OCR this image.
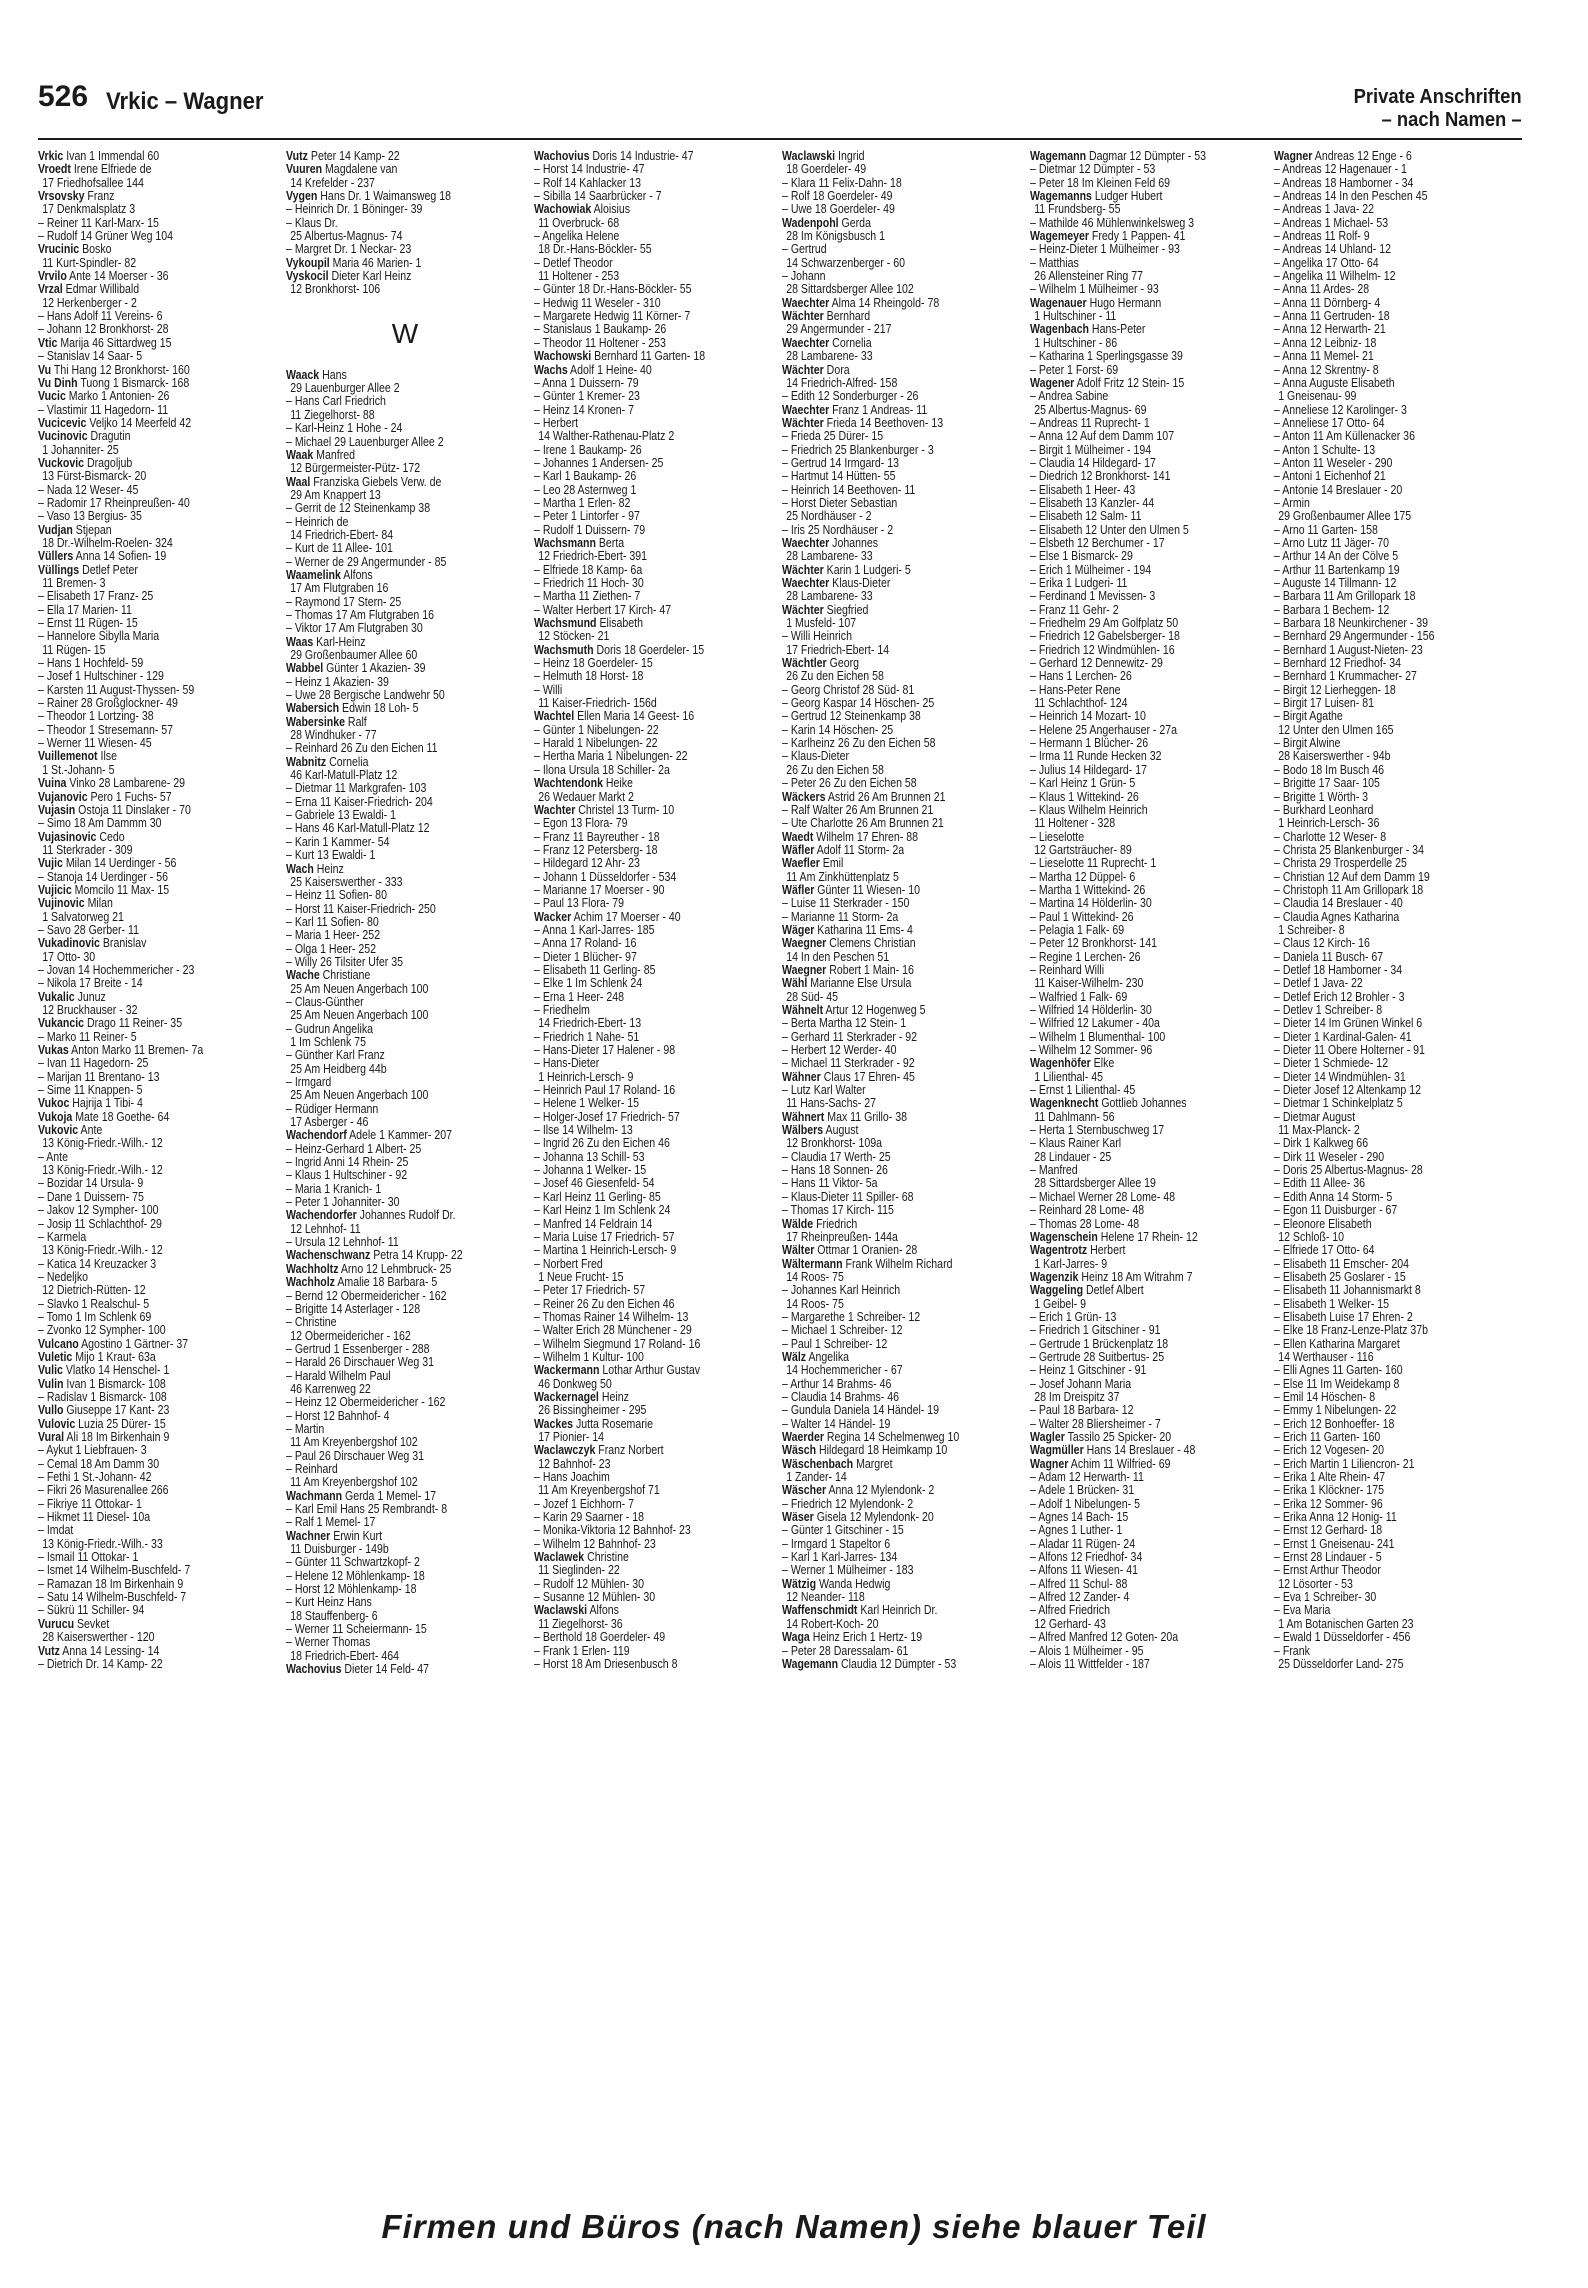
526 Vrkic – Wagner	Private Anschriften
– nach Namen –
Vrkic Ivan 1 Immendal 60
Vroedt Irene Elfriede de
17 Friedhofsallee 144
Vrsovsky Franz
17 Denkmalsplatz 3
– Reiner 11 Karl-Marx- 15
– Rudolf 14 Grüner Weg 104
Vrucinic Bosko
11 Kurt-Spindler- 82
Vrvilo Ante 14 Moerser - 36
Vrzal Edmar Willibald
12 Herkenberger - 2
– Hans Adolf 11 Vereins- 6
– Johann 12 Bronkhorst- 28
Vtic Marija 46 Sittardweg 15
– Stanislav 14 Saar- 5
Vu Thi Hang 12 Bronkhorst- 160
Vu Dinh Tuong 1 Bismarck- 168
Vucic Marko 1 Antonien- 26
– Vlastimir 11 Hagedorn- 11
Vucicevic Veljko 14 Meerfeld 42
Vucinovic Dragutin
1 Johanniter- 25
Vuckovic Dragoljub
13 Fürst-Bismarck- 20
– Nada 12 Weser- 45
– Radomir 17 Rheinpreußen- 40
– Vaso 13 Bergius- 35
Vudjan Stjepan
18 Dr.-Wilhelm-Roelen- 324
Vüllers Anna 14 Sofien- 19
Vüllings Detlef Peter
11 Bremen- 3
– Elisabeth 17 Franz- 25
– Ella 17 Marien- 11
– Ernst 11 Rügen- 15
– Hannelore Sibylla Maria
11 Rügen- 15
– Hans 1 Hochfeld- 59
– Josef 1 Hultschiner - 129
– Karsten 11 August-Thyssen- 59
– Rainer 28 Großglockner- 49
– Theodor 1 Lortzing- 38
– Theodor 1 Stresemann- 57
– Werner 11 Wiesen- 45
Vuillemenot Ilse
1 St.-Johann- 5
Vuina Vinko 28 Lambarene- 29
Vujanovic Pero 1 Fuchs- 57
Vujasin Ostoja 11 Dinslaker - 70
– Simo 18 Am Dammm 30
Vujasinovic Cedo
11 Sterkrader - 309
Vujic Milan 14 Uerdinger - 56
– Stanoja 14 Uerdinger - 56
Vujicic Momcilo 11 Max- 15
Vujinovic Milan
1 Salvatorweg 21
– Savo 28 Gerber- 11
Vukadinovic Branislav
17 Otto- 30
– Jovan 14 Hochemmericher - 23
– Nikola 17 Breite - 14
Vukalic Junuz
12 Bruckhauser - 32
Vukancic Drago 11 Reiner- 35
– Marko 11 Reiner- 5
Vukas Anton Marko 11 Bremen- 7a
– Ivan 11 Hagedorn- 25
– Marijan 11 Brentano- 13
– Sime 11 Knappen- 5
Vukoc Hajrija 1 Tibi- 4
Vukoja Mate 18 Goethe- 64
Vukovic Ante
13 König-Friedr.-Wilh.- 12
– Ante
13 König-Friedr.-Wilh.- 12
– Bozidar 14 Ursula- 9
– Dane 1 Duissern- 75
– Jakov 12 Sympher- 100
– Josip 11 Schlachthof- 29
– Karmela
13 König-Friedr.-Wilh.- 12
– Katica 14 Kreuzacker 3
– Nedeljko
12 Dietrich-Rütten- 12
– Slavko 1 Realschul- 5
– Tomo 1 Im Schlenk 69
– Zvonko 12 Sympher- 100
Vulcano Agostino 1 Gärtner- 37
Vuletic Mijo 1 Kraut- 63a
Vulic Vlatko 14 Henschel- 1
Vulin Ivan 1 Bismarck- 108
– Radislav 1 Bismarck- 108
Vullo Giuseppe 17 Kant- 23
Vulovic Luzia 25 Dürer- 15
Vural Ali 18 Im Birkenhain 9
– Aykut 1 Liebfrauen- 3
– Cemal 18 Am Damm 30
– Fethi 1 St.-Johann- 42
– Fikri 26 Masurenallee 266
– Fikriye 11 Ottokar- 1
– Hikmet 11 Diesel- 10a
– Imdat
13 König-Friedr.-Wilh.- 33
– Ismail 11 Ottokar- 1
– Ismet 14 Wilhelm-Buschfeld- 7
– Ramazan 18 Im Birkenhain 9
– Satu 14 Wilhelm-Buschfeld- 7
– Sükrü 11 Schiller- 94
Vurucu Sevket
28 Kaiserswerther - 120
Vutz Anna 14 Lessing- 14
– Dietrich Dr. 14 Kamp- 22
Vutz Peter 14 Kamp- 22
Vuuren Magdalene van
14 Krefelder - 237
Vygen Hans Dr. 1 Waimansweg 18
– Heinrich Dr. 1 Böninger- 39
– Klaus Dr.
25 Albertus-Magnus- 74
– Margret Dr. 1 Neckar- 23
Vykoupil Maria 46 Marien- 1
Vyskocil Dieter Karl Heinz
12 Bronkhorst- 106
W
Waack Hans
29 Lauenburger Allee 2
– Hans Carl Friedrich
11 Ziegelhorst- 88
– Karl-Heinz 1 Hohe - 24
– Michael 29 Lauenburger Allee 2
Waak Manfred
12 Bürgermeister-Pütz- 172
Waal Franziska Giebels Verw. de
29 Am Knappert 13
– Gerrit de 12 Steinenkamp 38
– Heinrich de
14 Friedrich-Ebert- 84
– Kurt de 11 Allee- 101
– Werner de 29 Angermunder - 85
Waamelink Alfons
17 Am Flutgraben 16
– Raymond 17 Stern- 25
– Thomas 17 Am Flutgraben 16
– Viktor 17 Am Flutgraben 30
Waas Karl-Heinz
29 Großenbaumer Allee 60
Wabbel Günter 1 Akazien- 39
– Heinz 1 Akazien- 39
– Uwe 28 Bergische Landwehr 50
Wabersich Edwin 18 Loh- 5
Wabersinke Ralf
28 Windhuker - 77
– Reinhard 26 Zu den Eichen 11
Wabnitz Cornelia
46 Karl-Matull-Platz 12
– Dietmar 11 Markgrafen- 103
– Erna 11 Kaiser-Friedrich- 204
– Gabriele 13 Ewaldi- 1
– Hans 46 Karl-Matull-Platz 12
– Karin 1 Kammer- 54
– Kurt 13 Ewaldi- 1
Wach Heinz
25 Kaiserswerther - 333
– Heinz 11 Sofien- 80
– Horst 11 Kaiser-Friedrich- 250
– Karl 11 Sofien- 80
– Maria 1 Heer- 252
– Olga 1 Heer- 252
– Willy 26 Tilsiter Ufer 35
Wache Christiane
25 Am Neuen Angerbach 100
– Claus-Günther
25 Am Neuen Angerbach 100
– Gudrun Angelika
1 Im Schlenk 75
– Günther Karl Franz
25 Am Heidberg 44b
– Irmgard
25 Am Neuen Angerbach 100
– Rüdiger Hermann
17 Asberger - 46
Wachendorf Adele 1 Kammer- 207
– Heinz-Gerhard 1 Albert- 25
– Ingrid Anni 14 Rhein- 25
– Klaus 1 Hultschiner - 92
– Maria 1 Kranich- 1
– Peter 1 Johanniter- 30
Wachendorfer Johannes Rudolf Dr.
12 Lehnhof- 11
– Ursula 12 Lehnhof- 11
Wachenschwanz Petra 14 Krupp- 22
Wachholtz Arno 12 Lehmbruck- 25
Wachholz Amalie 18 Barbara- 5
– Bernd 12 Obermeidericher - 162
– Brigitte 14 Asterlager - 128
– Christine
12 Obermeidericher - 162
– Gertrud 1 Essenberger - 288
– Harald 26 Dirschauer Weg 31
– Harald Wilhelm Paul
46 Karrenweg 22
– Heinz 12 Obermeidericher - 162
– Horst 12 Bahnhof- 4
– Martin
11 Am Kreyenbergshof 102
– Paul 26 Dirschauer Weg 31
– Reinhard
11 Am Kreyenbergshof 102
Wachmann Gerda 1 Memel- 17
– Karl Emil Hans 25 Rembrandt- 8
– Ralf 1 Memel- 17
Wachner Erwin Kurt
11 Duisburger - 149b
– Günter 11 Schwartzkopf- 2
– Helene 12 Möhlenkamp- 18
– Horst 12 Möhlenkamp- 18
– Kurt Heinz Hans
18 Stauffenberg- 6
– Werner 11 Scheiermann- 15
– Werner Thomas
18 Friedrich-Ebert- 464
Wachovius Dieter 14 Feld- 47
Wachovius Doris 14 Industrie- 47
– Horst 14 Industrie- 47
– Rolf 14 Kahlacker 13
– Sibilla 14 Saarbrücker - 7
Wachowiak Aloisius
11 Overbruck- 68
– Angelika Helene
18 Dr.-Hans-Böckler- 55
– Detlef Theodor
11 Holtener - 253
– Günter 18 Dr.-Hans-Böckler- 55
– Hedwig 11 Weseler - 310
– Margarete Hedwig 11 Körner- 7
– Stanislaus 1 Baukamp- 26
– Theodor 11 Holtener - 253
Wachowski Bernhard 11 Garten- 18
Wachs Adolf 1 Heine- 40
– Anna 1 Duissern- 79
– Günter 1 Kremer- 23
– Heinz 14 Kronen- 7
– Herbert
14 Walther-Rathenau-Platz 2
– Irene 1 Baukamp- 26
– Johannes 1 Andersen- 25
– Karl 1 Baukamp- 26
– Leo 28 Asternweg 1
– Martha 1 Erlen- 82
– Peter 1 Lintorfer - 97
– Rudolf 1 Duissern- 79
Wachsmann Berta
12 Friedrich-Ebert- 391
– Elfriede 18 Kamp- 6a
– Friedrich 11 Hoch- 30
– Martha 11 Ziethen- 7
– Walter Herbert 17 Kirch- 47
Wachsmund Elisabeth
12 Stöcken- 21
Wachsmuth Doris 18 Goerdeler- 15
– Heinz 18 Goerdeler- 15
– Helmuth 18 Horst- 18
– Willi
11 Kaiser-Friedrich- 156d
Wachtel Ellen Maria 14 Geest- 16
– Günter 1 Nibelungen- 22
– Harald 1 Nibelungen- 22
– Hertha Maria 1 Nibelungen- 22
– Ilona Ursula 18 Schiller- 2a
Wachtendonk Heike
26 Wedauer Markt 2
Wachter Christel 13 Turm- 10
– Egon 13 Flora- 79
– Franz 11 Bayreuther - 18
– Franz 12 Petersberg- 18
– Hildegard 12 Ahr- 23
– Johann 1 Düsseldorfer - 534
– Marianne 17 Moerser - 90
– Paul 13 Flora- 79
Wacker Achim 17 Moerser - 40
– Anna 1 Karl-Jarres- 185
– Anna 17 Roland- 16
– Dieter 1 Blücher- 97
– Elisabeth 11 Gerling- 85
– Elke 1 Im Schlenk 24
– Erna 1 Heer- 248
– Friedhelm
14 Friedrich-Ebert- 13
– Friedrich 1 Nahe- 51
– Hans-Dieter 17 Halener - 98
– Hans-Dieter
1 Heinrich-Lersch- 9
– Heinrich Paul 17 Roland- 16
– Helene 1 Welker- 15
– Holger-Josef 17 Friedrich- 57
– Ilse 14 Wilhelm- 13
– Ingrid 26 Zu den Eichen 46
– Johanna 13 Schill- 53
– Johanna 1 Welker- 15
– Josef 46 Giesenfeld- 54
– Karl Heinz 11 Gerling- 85
– Karl Heinz 1 Im Schlenk 24
– Manfred 14 Feldrain 14
– Maria Luise 17 Friedrich- 57
– Martina 1 Heinrich-Lersch- 9
– Norbert Fred
1 Neue Frucht- 15
– Peter 17 Friedrich- 57
– Reiner 26 Zu den Eichen 46
– Thomas Rainer 14 Wilhelm- 13
– Walter Erich 28 Münchener - 29
– Wilhelm Siegmund 17 Roland- 16
– Wilhelm 1 Kultur- 100
Wackermann Lothar Arthur Gustav
46 Donkweg 50
Wackernagel Heinz
26 Bissingheimer - 295
Wackes Jutta Rosemarie
17 Pionier- 14
Waclawczyk Franz Norbert
12 Bahnhof- 23
– Hans Joachim
11 Am Kreyenbergshof 71
– Jozef 1 Eichhorn- 7
– Karin 29 Saarner - 18
– Monika-Viktoria 12 Bahnhof- 23
– Wilhelm 12 Bahnhof- 23
Waclawek Christine
11 Sieglinden- 22
– Rudolf 12 Mühlen- 30
– Susanne 12 Mühlen- 30
Waclawski Alfons
11 Ziegelhorst- 36
– Berthold 18 Goerdeler- 49
– Frank 1 Erlen- 119
– Horst 18 Am Driesenbusch 8
Waclawski Ingrid
18 Goerdeler- 49
– Klara 11 Felix-Dahn- 18
– Rolf 18 Goerdeler- 49
– Uwe 18 Goerdeler- 49
Wadenpohl Gerda
28 Im Königsbusch 1
– Gertrud
14 Schwarzenberger - 60
– Johann
28 Sittardsberger Allee 102
Waechter Alma 14 Rheingold- 78
Wächter Bernhard
29 Angermunder - 217
Waechter Cornelia
28 Lambarene- 33
Wächter Dora
14 Friedrich-Alfred- 158
– Edith 12 Sonderburger - 26
Waechter Franz 1 Andreas- 11
Wächter Frieda 14 Beethoven- 13
– Frieda 25 Dürer- 15
– Friedrich 25 Blankenburger - 3
– Gertrud 14 Irmgard- 13
– Hartmut 14 Hütten- 55
– Heinrich 14 Beethoven- 11
– Horst Dieter Sebastian
25 Nordhäuser - 2
– Iris 25 Nordhäuser - 2
Waechter Johannes
28 Lambarene- 33
Wächter Karin 1 Ludgeri- 5
Waechter Klaus-Dieter
28 Lambarene- 33
Wächter Siegfried
1 Musfeld- 107
– Willi Heinrich
17 Friedrich-Ebert- 14
Wächtler Georg
26 Zu den Eichen 58
– Georg Christof 28 Süd- 81
– Georg Kaspar 14 Höschen- 25
– Gertrud 12 Steinenkamp 38
– Karin 14 Höschen- 25
– Karlheinz 26 Zu den Eichen 58
– Klaus-Dieter
26 Zu den Eichen 58
– Peter 26 Zu den Eichen 58
Wäckers Astrid 26 Am Brunnen 21
– Ralf Walter 26 Am Brunnen 21
– Ute Charlotte 26 Am Brunnen 21
Waedt Wilhelm 17 Ehren- 88
Wäfler Adolf 11 Storm- 2a
Waefler Emil
11 Am Zinkhüttenplatz 5
Wäfler Günter 11 Wiesen- 10
– Luise 11 Sterkrader - 150
– Marianne 11 Storm- 2a
Wäger Katharina 11 Ems- 4
Waegner Clemens Christian
14 In den Peschen 51
Waegner Robert 1 Main- 16
Wähl Marianne Else Ursula
28 Süd- 45
Wähnelt Artur 12 Hogenweg 5
– Berta Martha 12 Stein- 1
– Gerhard 11 Sterkrader - 92
– Herbert 12 Werder- 40
– Michael 11 Sterkrader - 92
Wähner Claus 17 Ehren- 45
– Lutz Karl Walter
11 Hans-Sachs- 27
Wähnert Max 11 Grillo- 38
Wälbers August
12 Bronkhorst- 109a
– Claudia 17 Werth- 25
– Hans 18 Sonnen- 26
– Hans 11 Viktor- 5a
– Klaus-Dieter 11 Spiller- 68
– Thomas 17 Kirch- 115
Wälde Friedrich
17 Rheinpreußen- 144a
Wälter Ottmar 1 Oranien- 28
Wältermann Frank Wilhelm Richard
14 Roos- 75
– Johannes Karl Heinrich
14 Roos- 75
– Margarethe 1 Schreiber- 12
– Michael 1 Schreiber- 12
– Paul 1 Schreiber- 12
Wälz Angelika
14 Hochemmericher - 67
– Arthur 14 Brahms- 46
– Claudia 14 Brahms- 46
– Gundula Daniela 14 Händel- 19
– Walter 14 Händel- 19
Waerder Regina 14 Schelmenweg 10
Wäsch Hildegard 18 Heimkamp 10
Wäschenbach Margret
1 Zander- 14
Wäscher Anna 12 Mylendonk- 2
– Friedrich 12 Mylendonk- 2
Wäser Gisela 12 Mylendonk- 20
– Günter 1 Gitschiner - 15
– Irmgard 1 Stapeltor 6
– Karl 1 Karl-Jarres- 134
– Werner 1 Mülheimer - 183
Wätzig Wanda Hedwig
12 Neander- 118
Waffenschmidt Karl Heinrich Dr.
14 Robert-Koch- 20
Waga Heinz Erich 1 Hertz- 19
– Peter 28 Daressalam- 61
Wagemann Claudia 12 Dümpter - 53
Wagemann Dagmar 12 Dümpter - 53
– Dietmar 12 Dümpter - 53
– Peter 18 Im Kleinen Feld 69
Wagemanns Ludger Hubert
11 Frundsberg- 55
– Mathilde 46 Mühlenwinkelsweg 3
Wagemeyer Fredy 1 Pappen- 41
– Heinz-Dieter 1 Mülheimer - 93
– Matthias
26 Allensteiner Ring 77
– Wilhelm 1 Mülheimer - 93
Wagenauer Hugo Hermann
1 Hultschiner - 11
Wagenbach Hans-Peter
1 Hultschiner - 86
– Katharina 1 Sperlingsgasse 39
– Peter 1 Forst- 69
Wagener Adolf Fritz 12 Stein- 15
– Andrea Sabine
25 Albertus-Magnus- 69
– Andreas 11 Ruprecht- 1
– Anna 12 Auf dem Damm 107
– Birgit 1 Mülheimer - 194
– Claudia 14 Hildegard- 17
– Diedrich 12 Bronkhorst- 141
– Elisabeth 1 Heer- 43
– Elisabeth 13 Kanzler- 44
– Elisabeth 12 Salm- 11
– Elisabeth 12 Unter den Ulmen 5
– Elsbeth 12 Berchumer - 17
– Else 1 Bismarck- 29
– Erich 1 Mülheimer - 194
– Erika 1 Ludgeri- 11
– Ferdinand 1 Mevissen- 3
– Franz 11 Gehr- 2
– Friedhelm 29 Am Golfplatz 50
– Friedrich 12 Gabelsberger- 18
– Friedrich 12 Windmühlen- 16
– Gerhard 12 Dennewitz- 29
– Hans 1 Lerchen- 26
– Hans-Peter Rene
11 Schlachthof- 124
– Heinrich 14 Mozart- 10
– Helene 25 Angerhauser - 27a
– Hermann 1 Blücher- 26
– Irma 11 Runde Hecken 32
– Julius 14 Hildegard- 17
– Karl Heinz 1 Grün- 5
– Klaus 1 Wittekind- 26
– Klaus Wilhelm Heinrich
11 Holtener - 328
– Lieselotte
12 Gartsträucher- 89
– Lieselotte 11 Ruprecht- 1
– Martha 12 Düppel- 6
– Martha 1 Wittekind- 26
– Martina 14 Hölderlin- 30
– Paul 1 Wittekind- 26
– Pelagia 1 Falk- 69
– Peter 12 Bronkhorst- 141
– Regine 1 Lerchen- 26
– Reinhard Willi
11 Kaiser-Wilhelm- 230
– Walfried 1 Falk- 69
– Wilfried 14 Hölderlin- 30
– Wilfried 12 Lakumer - 40a
– Wilhelm 1 Blumenthal- 100
– Wilhelm 12 Sommer- 96
Wagenhöfer Elke
1 Lilienthal- 45
– Ernst 1 Lilienthal- 45
Wagenknecht Gottlieb Johannes
11 Dahlmann- 56
– Herta 1 Sternbuschweg 17
– Klaus Rainer Karl
28 Lindauer - 25
– Manfred
28 Sittardsberger Allee 19
– Michael Werner 28 Lome- 48
– Reinhard 28 Lome- 48
– Thomas 28 Lome- 48
Wagenschein Helene 17 Rhein- 12
Wagentrotz Herbert
1 Karl-Jarres- 9
Wagenzik Heinz 18 Am Witrahm 7
Waggeling Detlef Albert
1 Geibel- 9
– Erich 1 Grün- 13
– Friedrich 1 Gitschiner - 91
– Gertrude 1 Brückenplatz 18
– Gertrude 28 Suitbertus- 25
– Heinz 1 Gitschiner - 91
– Josef Johann Maria
28 Im Dreispitz 37
– Paul 18 Barbara- 12
– Walter 28 Bliersheimer - 7
Wagler Tassilo 25 Spicker- 20
Wagmüller Hans 14 Breslauer - 48
Wagner Achim 11 Wilfried- 69
– Adam 12 Herwarth- 11
– Adele 1 Brücken- 31
– Adolf 1 Nibelungen- 5
– Agnes 14 Bach- 15
– Agnes 1 Luther- 1
– Aladar 11 Rügen- 24
– Alfons 12 Friedhof- 34
– Alfons 11 Wiesen- 41
– Alfred 11 Schul- 88
– Alfred 12 Zander- 4
– Alfred Friedrich
12 Gerhard- 43
– Alfred Manfred 12 Goten- 20a
– Alois 1 Mülheimer - 95
– Alois 11 Wittfelder - 187
Wagner Andreas 12 Enge - 6
– Andreas 12 Hagenauer - 1
– Andreas 18 Hamborner - 34
– Andreas 14 In den Peschen 45
– Andreas 1 Java- 22
– Andreas 1 Michael- 53
– Andreas 11 Rolf- 9
– Andreas 14 Uhland- 12
– Angelika 17 Otto- 64
– Angelika 11 Wilhelm- 12
– Anna 11 Ardes- 28
– Anna 11 Dörnberg- 4
– Anna 11 Gertruden- 18
– Anna 12 Herwarth- 21
– Anna 12 Leibniz- 18
– Anna 11 Memel- 21
– Anna 12 Skrentny- 8
– Anna Auguste Elisabeth
1 Gneisenau- 99
– Anneliese 12 Karolinger- 3
– Anneliese 17 Otto- 64
– Anton 11 Am Küllenacker 36
– Anton 1 Schulte- 13
– Anton 11 Weseler - 290
– Antoni 1 Eichenhof 21
– Antonie 14 Breslauer - 20
– Armin
29 Großenbaumer Allee 175
– Arno 11 Garten- 158
– Arno Lutz 11 Jäger- 70
– Arthur 14 An der Cölve 5
– Arthur 11 Bartenkamp 19
– Auguste 14 Tillmann- 12
– Barbara 11 Am Grillopark 18
– Barbara 1 Bechem- 12
– Barbara 18 Neunkirchener - 39
– Bernhard 29 Angermunder - 156
– Bernhard 1 August-Nieten- 23
– Bernhard 12 Friedhof- 34
– Bernhard 1 Krummacher- 27
– Birgit 12 Lierheggen- 18
– Birgit 17 Luisen- 81
– Birgit Agathe
12 Unter den Ulmen 165
– Birgit Alwine
28 Kaiserswerther - 94b
– Bodo 18 Im Busch 46
– Brigitte 17 Saar- 105
– Brigitte 1 Wörth- 3
– Burkhard Leonhard
1 Heinrich-Lersch- 36
– Charlotte 12 Weser- 8
– Christa 25 Blankenburger - 34
– Christa 29 Trosperdelle 25
– Christian 12 Auf dem Damm 19
– Christoph 11 Am Grillopark 18
– Claudia 14 Breslauer - 40
– Claudia Agnes Katharina
1 Schreiber- 8
– Claus 12 Kirch- 16
– Daniela 11 Busch- 67
– Detlef 18 Hamborner - 34
– Detlef 1 Java- 22
– Detlef Erich 12 Brohler - 3
– Detlev 1 Schreiber- 8
– Dieter 14 Im Grünen Winkel 6
– Dieter 1 Kardinal-Galen- 41
– Dieter 11 Obere Holterner - 91
– Dieter 1 Schmiede- 12
– Dieter 14 Windmühlen- 31
– Dieter Josef 12 Altenkamp 12
– Dietmar 1 Schinkelplatz 5
– Dietmar August
11 Max-Planck- 2
– Dirk 1 Kalkweg 66
– Dirk 11 Weseler - 290
– Doris 25 Albertus-Magnus- 28
– Edith 11 Allee- 36
– Edith Anna 14 Storm- 5
– Egon 11 Duisburger - 67
– Eleonore Elisabeth
12 Schloß- 10
– Elfriede 17 Otto- 64
– Elisabeth 11 Emscher- 204
– Elisabeth 25 Goslarer - 15
– Elisabeth 11 Johannismarkt 8
– Elisabeth 1 Welker- 15
– Elisabeth Luise 17 Ehren- 2
– Elke 18 Franz-Lenze-Platz 37b
– Ellen Katharina Margaret
14 Werthauser - 116
– Elli Agnes 11 Garten- 160
– Else 11 Im Weidekamp 8
– Emil 14 Höschen- 8
– Emmy 1 Nibelungen- 22
– Erich 12 Bonhoeffer- 18
– Erich 11 Garten- 160
– Erich 12 Vogesen- 20
– Erich Martin 1 Liliencron- 21
– Erika 1 Alte Rhein- 47
– Erika 1 Klöckner- 175
– Erika 12 Sommer- 96
– Erika Anna 12 Honig- 11
– Ernst 12 Gerhard- 18
– Ernst 1 Gneisenau- 241
– Ernst 28 Lindauer - 5
– Ernst Arthur Theodor
12 Lösorter - 53
– Eva 1 Schreiber- 30
– Eva Maria
1 Am Botanischen Garten 23
– Ewald 1 Düsseldorfer - 456
– Frank
25 Düsseldorfer Land- 275
Firmen und Büros (nach Namen) siehe blauer Teil
